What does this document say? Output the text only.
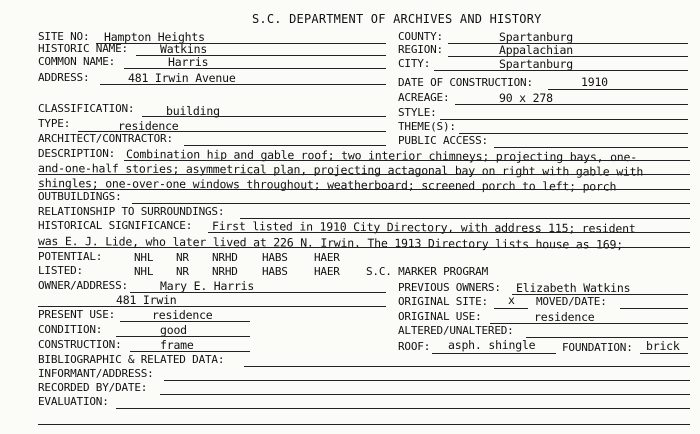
S.C. DEPARTMENT OF ARCHIVES AND HISTORY
SITE NO: Hampton Heights
HISTORIC NAME:	Watkins
COMMON NAME:	Harris
ADDRESS:	481 Irwin Avenue
COUNTY:	Spartanburg
REGION:	Appalachian
CITY:	Spartanburg
DATE OF CONSTRUCTION:	1910
ACREAGE:	90 x 278
STYLE:
THEME(S):
PUBLIC ACCESS:
CLASSIFICATION:	building
TYPE:	residence
ARCHITECT/CONTRACTOR:
DESCRIPTION: Combination hip and gable roof; two interior chimneys; projecting bays, one-
and-one-half stories; asymmetrical plan, projecting actagonal bay on right with gable with
shingles; one-over-one windows throughout; weatherboard; screened porch to left; porch
OUTBUILDINGS:
RELATIONSHIP TO SURROUNDINGS:
HISTORICAL SIGNIFICANCE: First listed in 1910 City Directory, with address 115; resident
was E. J. Lide, who later lived at 226 N. Irwin. The 1913 Directory lists house as 169;
POTENTIAL:	NHL NR NRHD HABS HAER
LISTED:	NHL NR NRHD HABS HAER S.C. MARKER PROGRAM
OWNER/ADDRESS:	Mary E. Harris
481 Irwin
PREVIOUS OWNERS: Elizabeth Watkins
ORIGINAL SITE: x MOVED/DATE:
ORIGINAL USE:	residence
ALTERED/UNALTERED:
PRESENT USE:	residence
CONDITION:	good
CONSTRUCTION:	frame	ROOF: asph. shingle FOUNDATION: brick
BIBLIOGRAPHIC & RELATED DATA:
INFORMANT/ADDRESS:
RECORDED BY/DATE:
EVALUATION:
